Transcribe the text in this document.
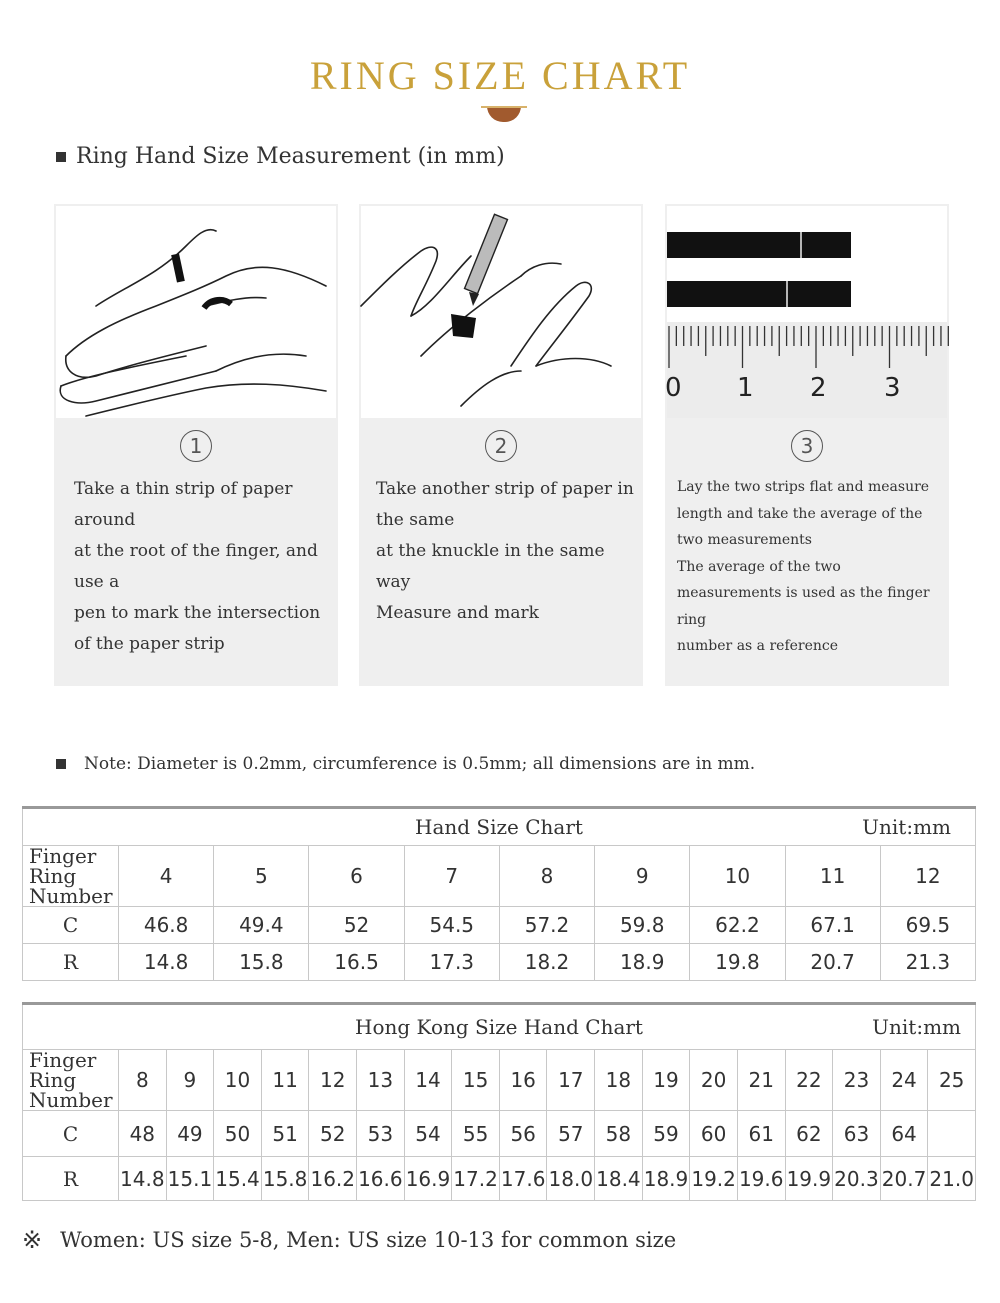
RING SIZE CHART
Ring Hand Size Measurement (in mm)
1
Take a thin strip of paper
around
at the root of the finger, and
use a
pen to mark the intersection
of the paper strip
2
Take another strip of paper in
the same
at the knuckle in the same
way
Measure and mark
0 1 2 3
3
Lay the two strips flat and measure
length and take the average of the
two measurements
The average of the two
measurements is used as the finger
ring
number as a reference
Note: Diameter is 0.2mm, circumference is 0.5mm; all dimensions are in mm.
Hand Size Chart Unit:mm									

Finger Ring Number	4	5	6	7	8	9	10	11	12
C	46.8	49.4	52	54.5	57.2	59.8	62.2	67.1	69.5
R	14.8	15.8	16.5	17.3	18.2	18.9	19.8	20.7	21.3
Hong Kong Size Hand Chart Unit:mm																		

Finger Ring Number	8	9	10	11	12	13	14	15	16	17	18	19	20	21	22	23	24	25
C	48	49	50	51	52	53	54	55	56	57	58	59	60	61	62	63	64	
R	14.8	15.1	15.4	15.8	16.2	16.6	16.9	17.2	17.6	18.0	18.4	18.9	19.2	19.6	19.9	20.3	20.7	21.0
※ Women: US size 5-8, Men: US size 10-13 for common size
